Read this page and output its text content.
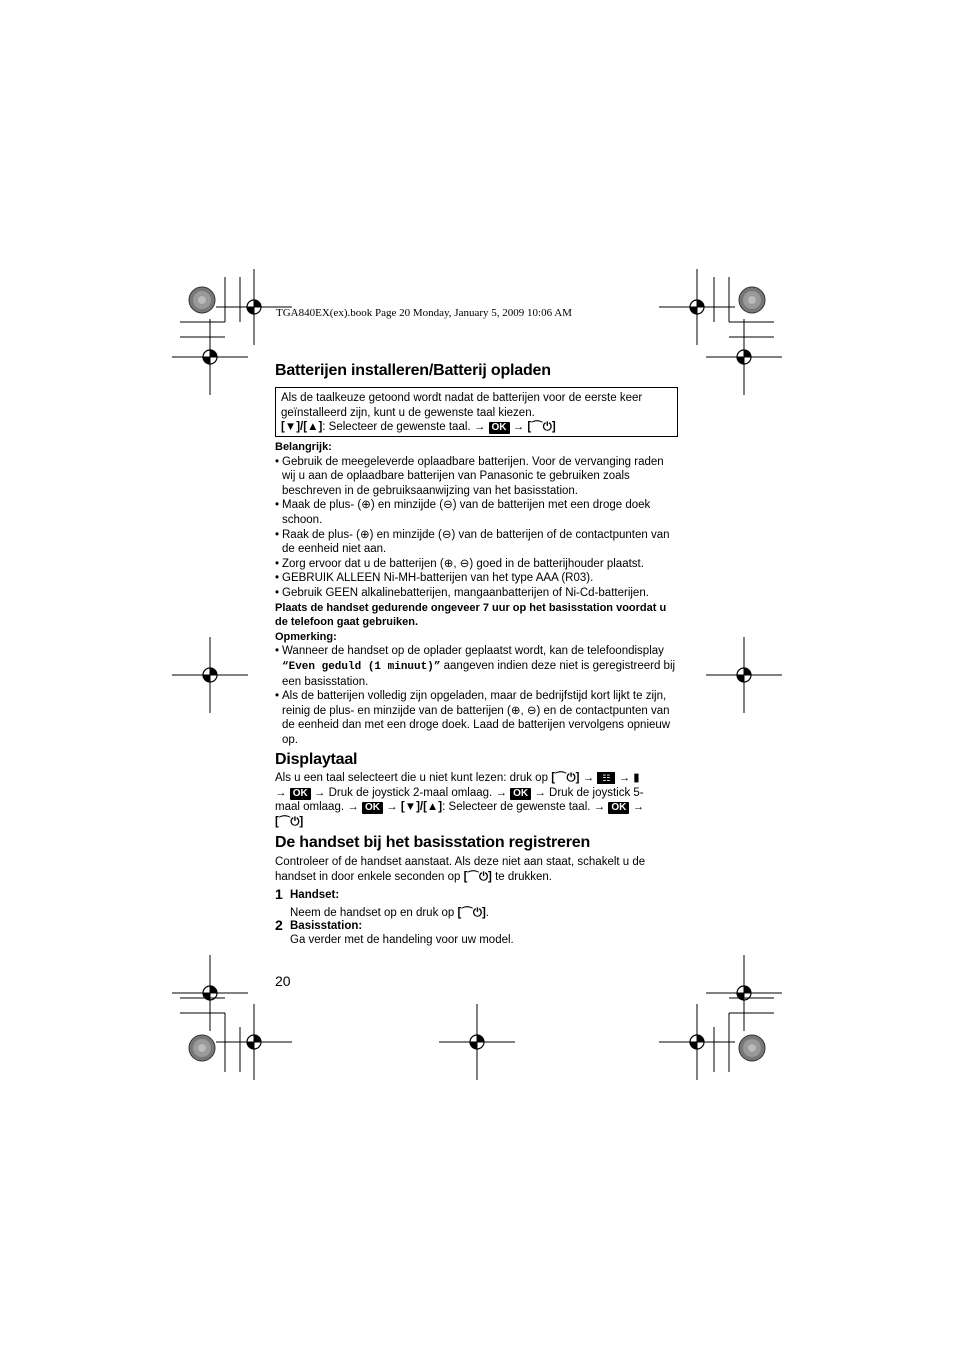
TGA840EX(ex).book Page 20 Monday, January 5, 2009 10:06 AM
Batterijen installeren/Batterij opladen

Als de taalkeuze getoond wordt nadat de batterijen voor de eerste keer

geïnstalleerd zijn, kunt u de gewenste taal kiezen.

[▼]/[▲]: Selecteer de gewenste taal. → OK → [⌒⏻]

Belangrijk:

• Gebruik de meegeleverde oplaadbare batterijen. Voor de vervanging raden wij u aan de oplaadbare batterijen van Panasonic te gebruiken zoals beschreven in de gebruiksaanwijzing van het basisstation.
• Maak de plus- (⊕) en minzijde (⊖) van de batterijen met een droge doek schoon.
• Raak de plus- (⊕) en minzijde (⊖) van de batterijen of de contactpunten van de eenheid niet aan.
• Zorg ervoor dat u de batterijen (⊕, ⊖) goed in de batterijhouder plaatst.
• GEBRUIK ALLEEN Ni-MH-batterijen van het type AAA (R03).
• Gebruik GEEN alkalinebatterijen, mangaanbatterijen of Ni-Cd-batterijen.

Plaats de handset gedurende ongeveer 7 uur op het basisstation voordat u de telefoon gaat gebruiken.

Opmerking:

• Wanneer de handset op de oplader geplaatst wordt, kan de telefoondisplay “Even geduld (1 minuut)” aangeven indien deze niet is geregistreerd bij een basisstation.
• Als de batterijen volledig zijn opgeladen, maar de bedrijfstijd kort lijkt te zijn, reinig de plus- en minzijde van de batterijen (⊕, ⊖) en de contactpunten van de eenheid dan met een droge doek. Laad de batterijen vervolgens opnieuw op.
Displaytaal

Als u een taal selecteert die u niet kunt lezen: druk op [⌒⏻] → ☷ → ▮

→ OK → Druk de joystick 2-maal omlaag. → OK → Druk de joystick 5-

maal omlaag. → OK → [▼]/[▲]: Selecteer de gewenste taal. → OK →

[⌒⏻]

De handset bij het basisstation registreren

Controleer of de handset aanstaat. Als deze niet aan staat, schakelt u de handset in door enkele seconden op [⌒⏻] te drukken.

1 Handset:
Neem de handset op en druk op [⌒⏻].
2 Basisstation:
Ga verder met de handeling voor uw model.
20
